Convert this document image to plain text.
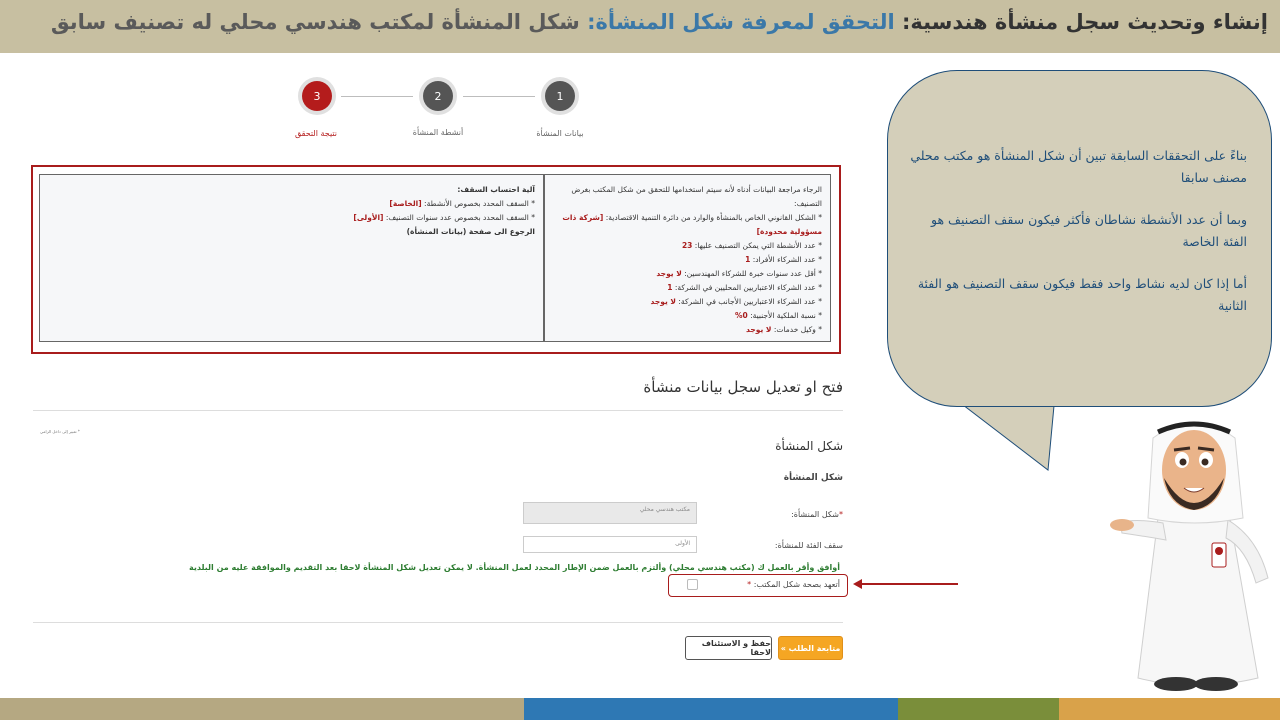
إنشاء وتحديث سجل منشأة هندسية: التحقق لمعرفة شكل المنشأة: شكل المنشأة لمكتب هندسي محلي له تصنيف سابق
1
2
3
بيانات المنشأة
أنشطة المنشأة
نتيجة التحقق
الرجاء مراجعة البيانات أدناه لأنه سيتم استخدامها للتحقق من شكل المكتب بغرض التصنيف:
* الشكل القانوني الخاص بالمنشأة والوارد من دائرة التنمية الاقتصادية: [شركة ذات مسؤولية محدودة]
* عدد الأنشطة التي يمكن التصنيف عليها: 23
* عدد الشركاء الأفراد: 1
* أقل عدد سنوات خبرة للشركاء المهندسين: لا يوجد
* عدد الشركاء الاعتباريين المحليين في الشركة: 1
* عدد الشركاء الاعتباريين الأجانب في الشركة: لا يوجد
* نسبة الملكية الأجنبية: 0%
* وكيل خدمات: لا يوجد
آلية احتساب السقف:
* السقف المحدد بخصوص الأنشطة: [الخاصة]
* السقف المحدد بخصوص عدد سنوات التصنيف: [الأولى]
الرجوع الى صفحة (بيانات المنشأة)
فتح او تعديل سجل بيانات منشأة
* تعبير إلى داخل الزامي
شكل المنشأة
شكل المنشأة
*شكل المنشأة:
مكتب هندسي محلي
سقف الفئة للمنشأة:
الأولى
أوافق وأقر بالعمل ك (مكتب هندسي محلي) وألتزم بالعمل ضمن الإطار المحدد لعمل المنشأة. لا يمكن تعديل شكل المنشأة لاحقا بعد التقديم والموافقة عليه من البلدية
أتعهد بصحة شكل المكتب: *
متابعة الطلب »
حفظ و الاستئناف لاحقا

بناءً على التحققات السابقة تبين أن شكل المنشأة هو مكتب محلي مصنف سابقا

وبما أن عدد الأنشطة نشاطان فأكثر فيكون سقف التصنيف هو الفئة الخاصة

أما إذا كان لديه نشاط واحد فقط فيكون سقف التصنيف هو الفئة الثانية
